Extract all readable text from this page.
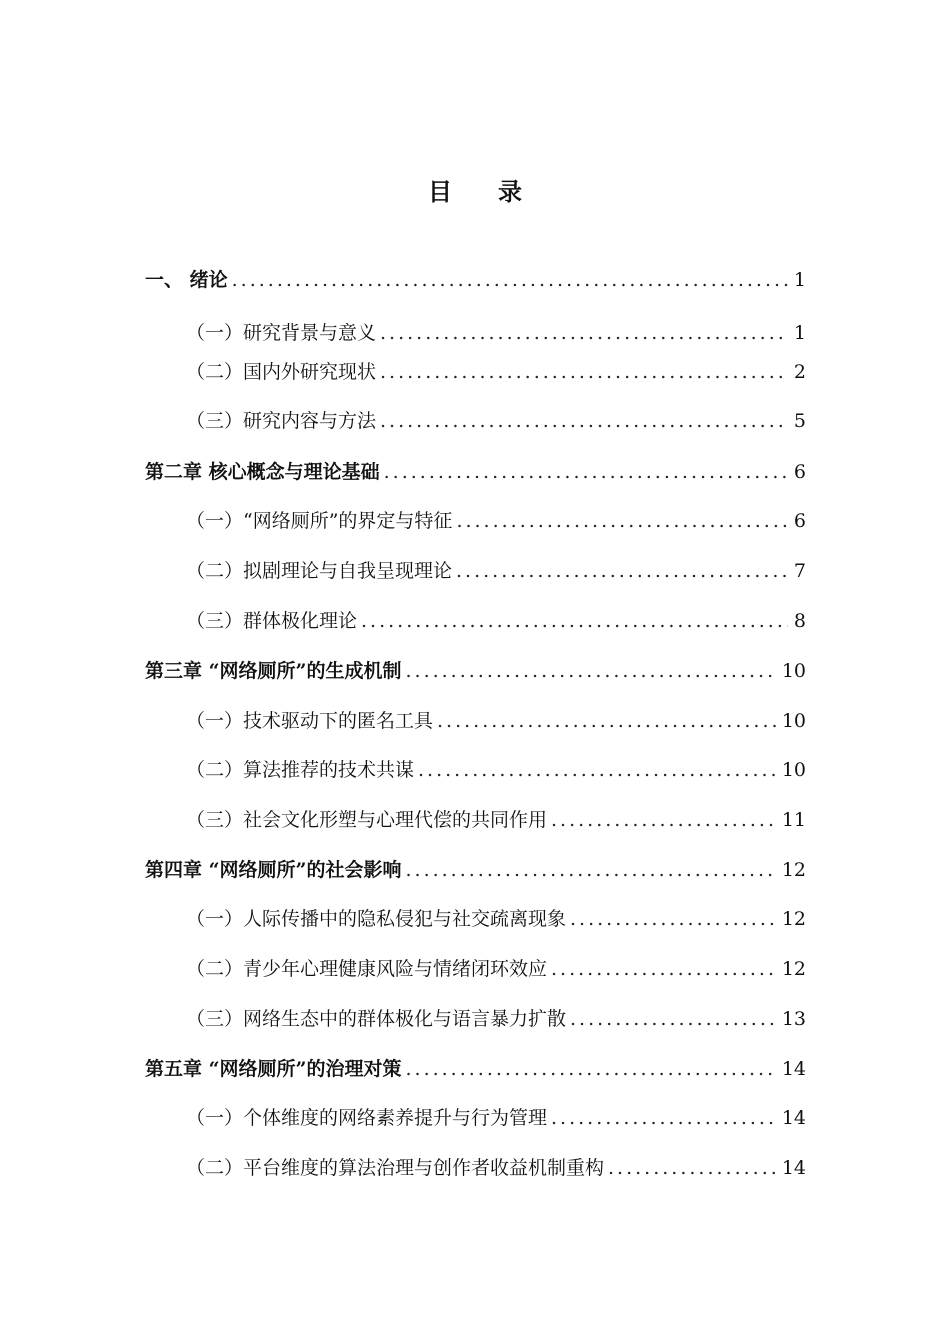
目 录
一、 绪论 .....	1
（一）研究背景与意义 .....	1
（二）国内外研究现状 .....	2
（三）研究内容与方法 .....	5
第二章 核心概念与理论基础 .....	6
（一）“网络厕所”的界定与特征 .....	6
（二）拟剧理论与自我呈现理论 .....	7
（三）群体极化理论 .....	8
第三章 “网络厕所”的生成机制 .....	10
（一）技术驱动下的匿名工具 .....	10
（二）算法推荐的技术共谋 .....	10
（三）社会文化形塑与心理代偿的共同作用 .....	11
第四章 “网络厕所”的社会影响 .....	12
（一）人际传播中的隐私侵犯与社交疏离现象 .....	12
（二）青少年心理健康风险与情绪闭环效应 .....	12
（三）网络生态中的群体极化与语言暴力扩散 .....	13
第五章 “网络厕所”的治理对策 .....	14
（一）个体维度的网络素养提升与行为管理 .....	14
（二）平台维度的算法治理与创作者收益机制重构 .....	14
